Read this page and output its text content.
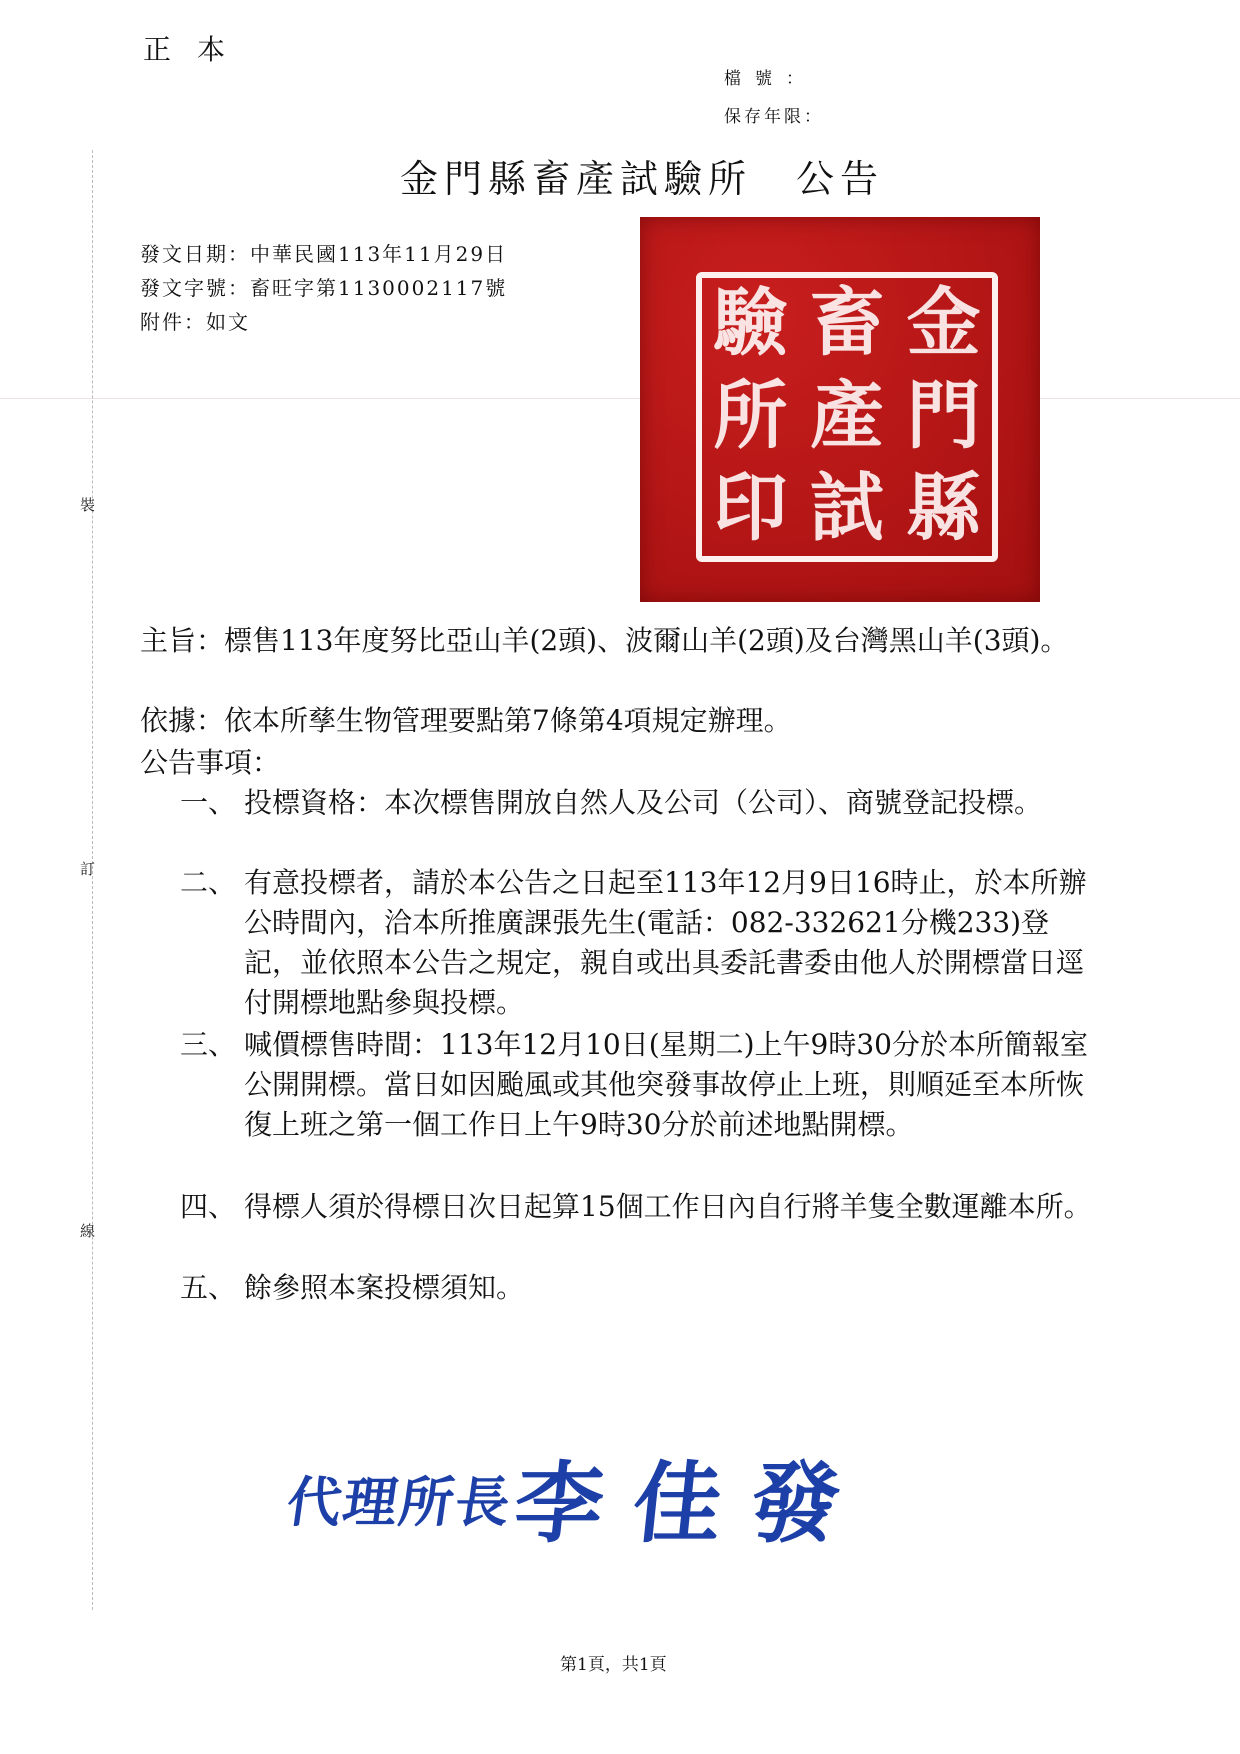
正本
檔號：
保存年限：
金門縣畜產試驗所　公告
發文日期：中華民國113年11月29日
發文字號：畜旺字第1130002117號
附件：如文
裝
訂
線
金
門
縣
畜
產
試
驗
所
印
主旨：標售113年度努比亞山羊(2頭)、波爾山羊(2頭)及台灣黑山羊(3頭)。
依據：依本所孳生物管理要點第7條第4項規定辦理。
公告事項：
一、 投標資格：本次標售開放自然人及公司（公司）、商號登記投標。
二、 有意投標者，請於本公告之日起至113年12月9日16時止，於本所辦公時間內，洽本所推廣課張先生(電話：082-332621分機233)登記，並依照本公告之規定，親自或出具委託書委由他人於開標當日逕付開標地點參與投標。
三、 喊價標售時間：113年12月10日(星期二)上午9時30分於本所簡報室公開開標。當日如因颱風或其他突發事故停止上班，則順延至本所恢復上班之第一個工作日上午9時30分於前述地點開標。
四、 得標人須於得標日次日起算15個工作日內自行將羊隻全數運離本所。
五、 餘參照本案投標須知。
代理所長
李佳發
第1頁，共1頁
